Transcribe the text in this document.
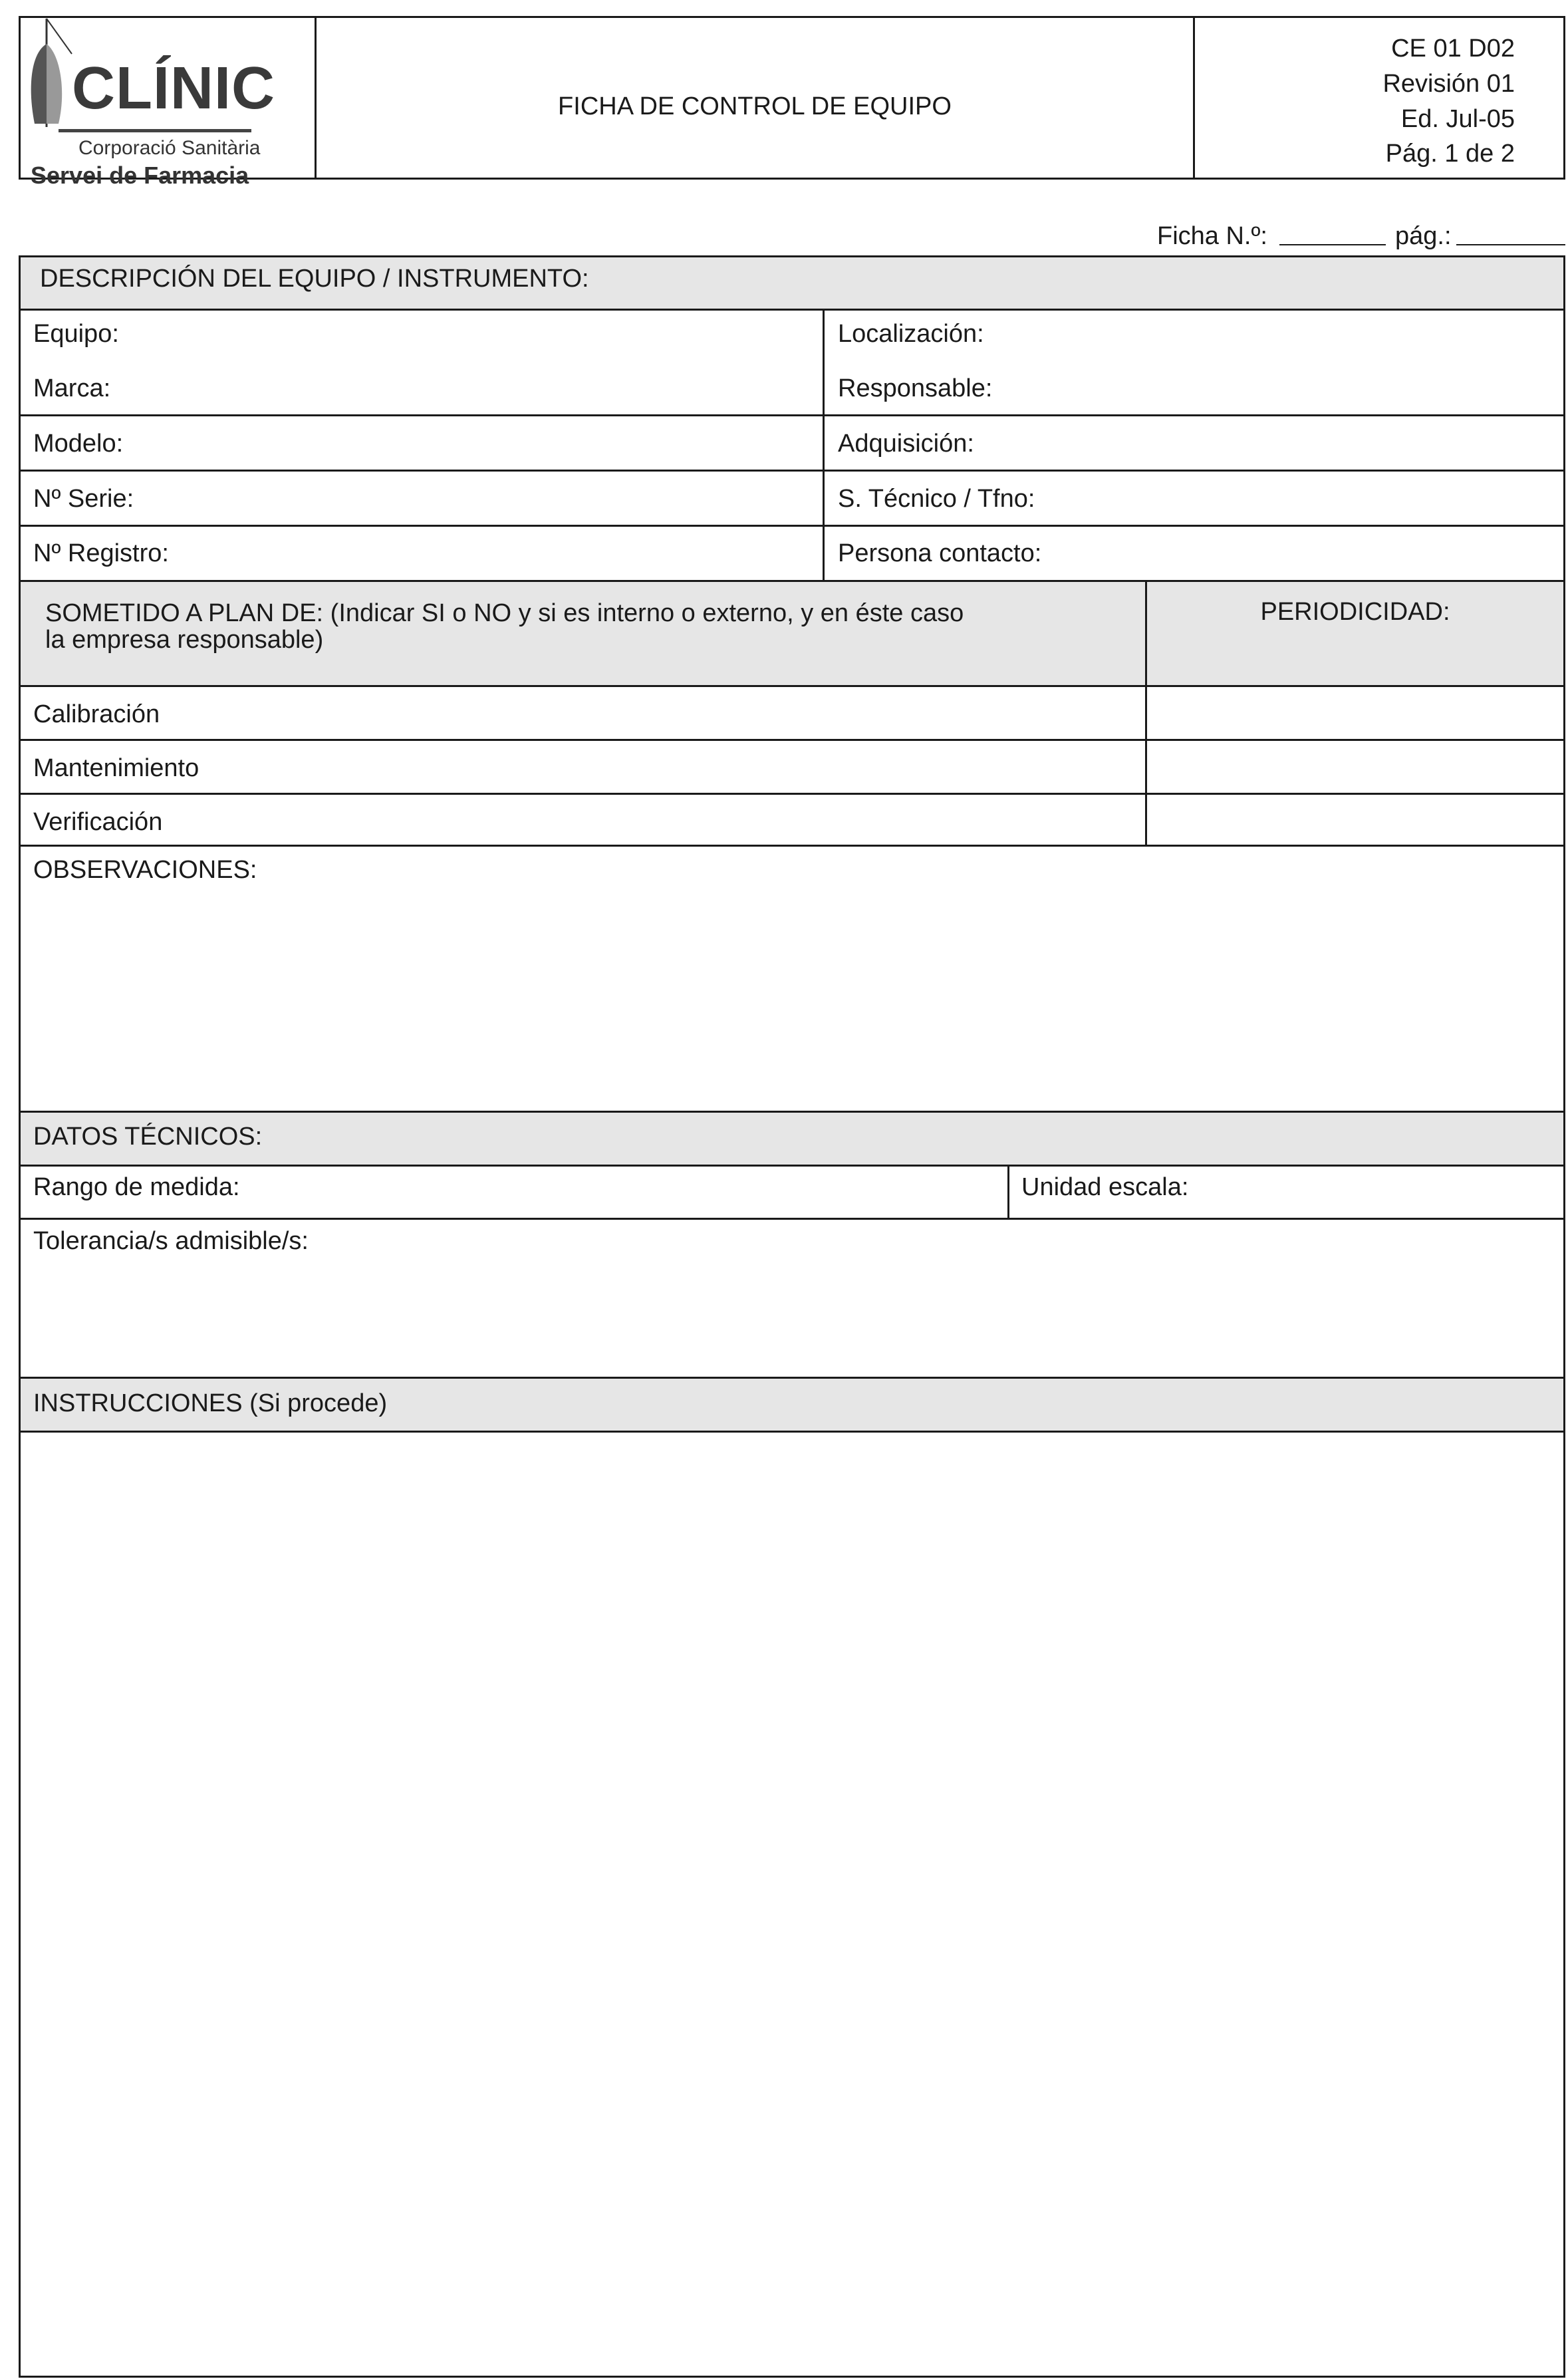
CLÍNIC
Corporació Sanitària
Servei de Farmacia
FICHA DE CONTROL DE EQUIPO
CE 01 D02
Revisión 01
Ed. Jul-05
Pág. 1 de 2
Ficha N.º:	pág.:
DESCRIPCIÓN DEL EQUIPO / INSTRUMENTO:
Equipo:	Localización:
Marca:	Responsable:
Modelo:	Adquisición:
Nº Serie:	S. Técnico / Tfno:
Nº Registro:	Persona contacto:
SOMETIDO A PLAN DE: (Indicar SI o NO y si es interno o externo, y en éste caso
la empresa responsable)
PERIODICIDAD:
Calibración
Mantenimiento
Verificación
OBSERVACIONES:
DATOS TÉCNICOS:
Rango de medida:	Unidad escala:
Tolerancia/s admisible/s:
INSTRUCCIONES (Si procede)
